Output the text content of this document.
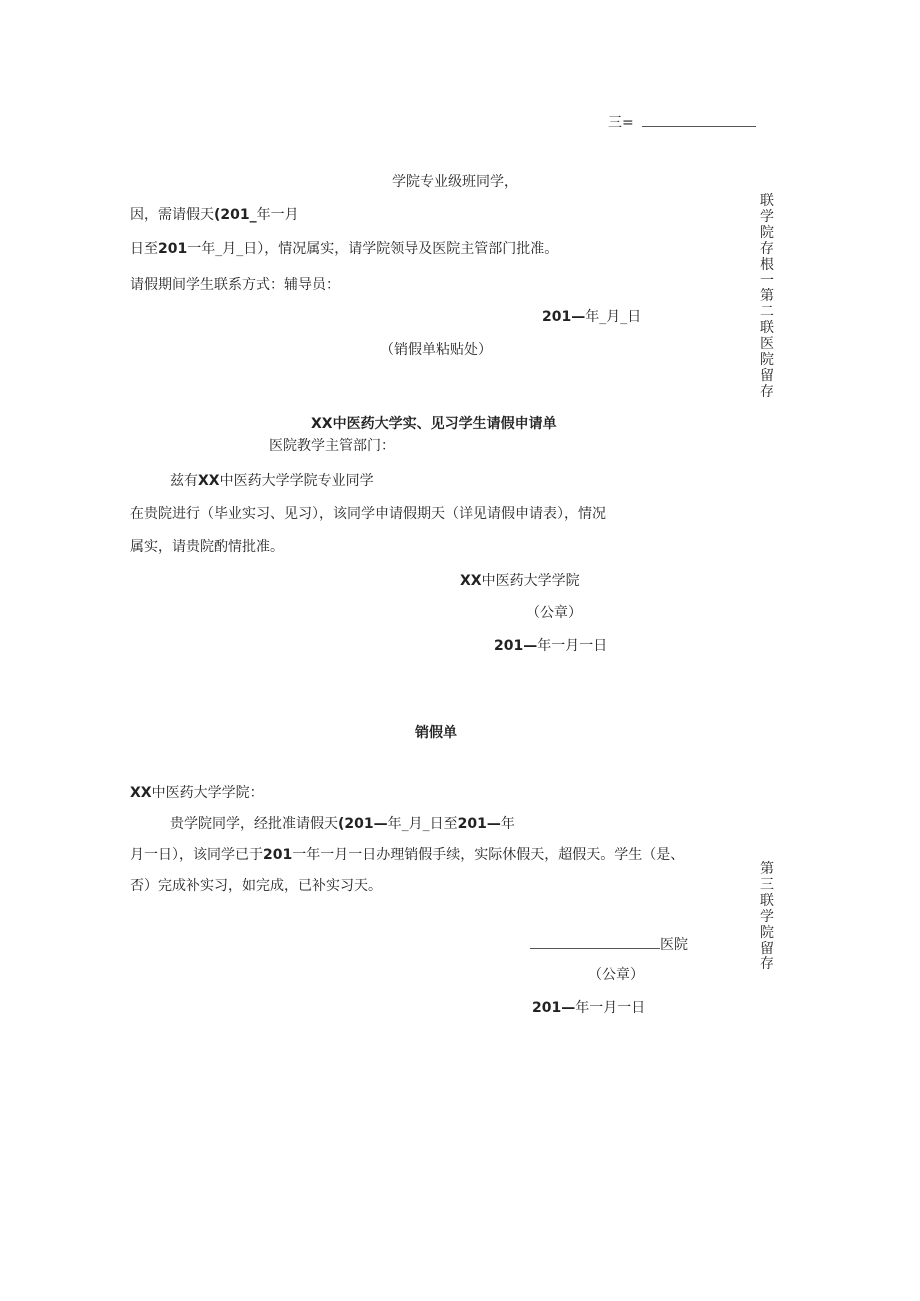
三=
学院专业级班同学，
因，需请假天(201_年一月
日至201一年_月_日），情况属实，请学院领导及医院主管部门批准。
请假期间学生联系方式：辅导员：
201—年_月_日
（销假单粘贴处）
XX中医药大学实、见习学生请假申请单
医院教学主管部门：
兹有XX中医药大学学院专业同学
在贵院进行（毕业实习、见习），该同学申请假期天（详见请假申请表），情况
属实，请贵院酌情批准。
XX中医药大学学院
（公章）
201—年一月一日
销假单
XX中医药大学学院：
贵学院同学，经批准请假天(201—年_月_日至201—年
月一日），该同学已于201一年一月一日办理销假手续，实际休假天，超假天。学生（是、
否）完成补实习，如完成，已补实习天。
医院
（公章）
201—年一月一日
联学院存根一第二联医院留存
第三联学院留存
